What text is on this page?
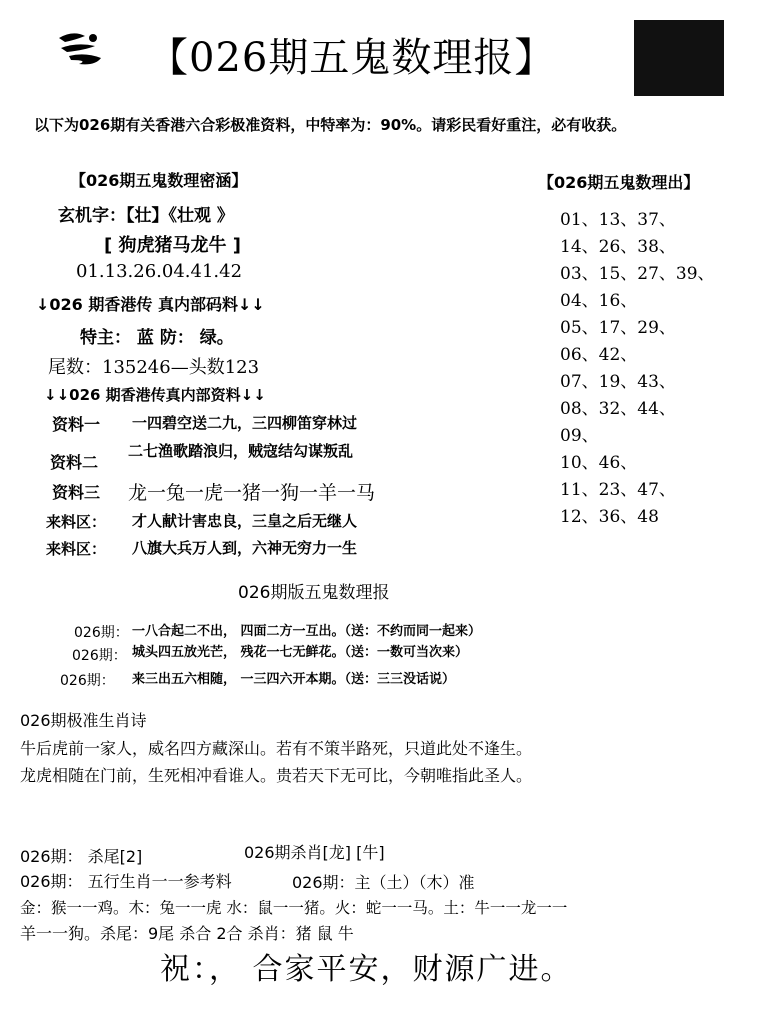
【026期五鬼数理报】
以下为026期有关香港六合彩极准资料，中特率为：90%。请彩民看好重注，必有收获。
【026期五鬼数理密涵】
玄机字：【壮】《壮观 》
[ 狗虎猪马龙牛 ]
01.13.26.04.41.42
↓026 期香港传 真内部码料↓↓
特主： 蓝 防： 绿。
尾数：135246—头数123
↓↓026 期香港传真内部资料↓↓
资料一 一四碧空送二九，三四柳笛穿林过
资料二
二七渔歌踏浪归，贼寇结勾谋叛乱
资料三 龙一兔一虎一猪一狗一羊一马
来料区： 才人献计害忠良，三皇之后无继人
来料区： 八旗大兵万人到，六神无穷力一生
【026期五鬼数理出】
01、13、37、
14、26、38、
03、15、27、39、
04、16、
05、17、29、
06、42、
07、19、43、
08、32、44、
09、
10、46、
11、23、47、
12、36、48
026期版五鬼数理报
026期： 一八合起二不出， 四面二方一互出。（送：不约而同一起来）
026期： 城头四五放光芒， 残花一七无鲜花。（送：一数可当次来）
026期： 来三出五六相随， 一三四六开本期。（送：三三没话说）
026期极准生肖诗
牛后虎前一家人，威名四方藏深山。若有不策半路死，只道此处不逢生。
龙虎相随在门前，生死相冲看谁人。贵若天下无可比，今朝唯指此圣人。
026期： 杀尾[2]	026期杀肖[龙] [牛]
026期： 五行生肖一一参考料	026期：主（土）（木）准
金：猴一一鸡。木：兔一一虎 水：鼠一一猪。火：蛇一一马。土：牛一一龙一一
羊一一狗。杀尾：9尾 杀合 2合 杀肖：猪 鼠 牛
祝：， 合家平安，财源广进。
